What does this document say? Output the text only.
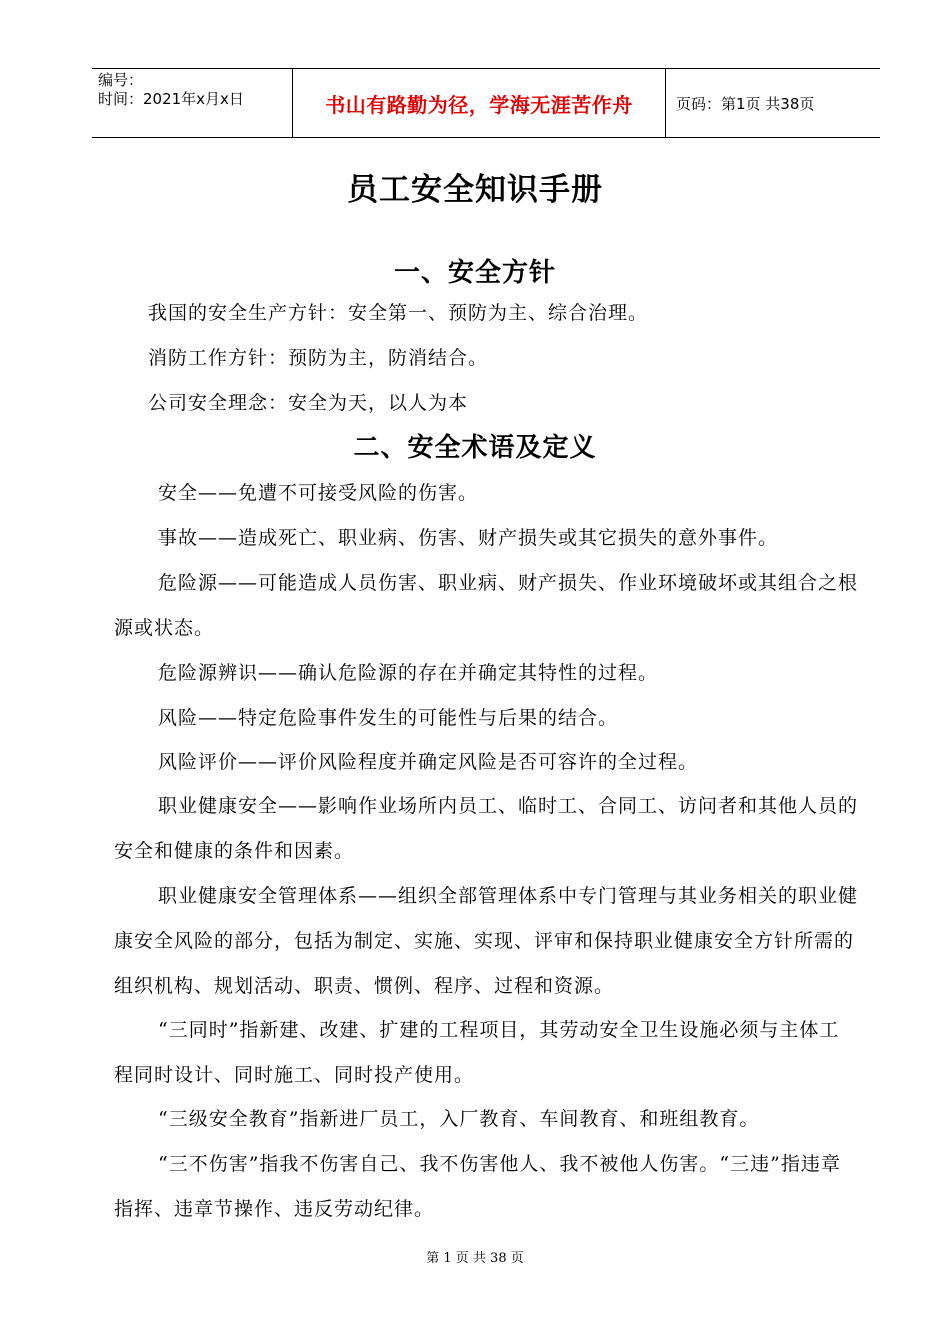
编号：
时间：2021年x月x日	书山有路勤为径，学海无涯苦作舟	页码：第1页 共38页
员工安全知识手册
一、安全方针
我国的安全生产方针：安全第一、预防为主、综合治理。
消防工作方针：预防为主，防消结合。
公司安全理念：安全为天，以人为本
二、安全术语及定义
安全——免遭不可接受风险的伤害。
事故——造成死亡、职业病、伤害、财产损失或其它损失的意外事件。
危险源——可能造成人员伤害、职业病、财产损失、作业环境破坏或其组合之根源或状态。
危险源辨识——确认危险源的存在并确定其特性的过程。
风险——特定危险事件发生的可能性与后果的结合。
风险评价——评价风险程度并确定风险是否可容许的全过程。
职业健康安全——影响作业场所内员工、临时工、合同工、访问者和其他人员的安全和健康的条件和因素。
职业健康安全管理体系——组织全部管理体系中专门管理与其业务相关的职业健康安全风险的部分，包括为制定、实施、实现、评审和保持职业健康安全方针所需的组织机构、规划活动、职责、惯例、程序、过程和资源。
“三同时”指新建、改建、扩建的工程项目，其劳动安全卫生设施必须与主体工程同时设计、同时施工、同时投产使用。
“三级安全教育”指新进厂员工，入厂教育、车间教育、和班组教育。
“三不伤害”指我不伤害自己、我不伤害他人、我不被他人伤害。“三违”指违章指挥、违章节操作、违反劳动纪律。
第 1 页 共 38 页
